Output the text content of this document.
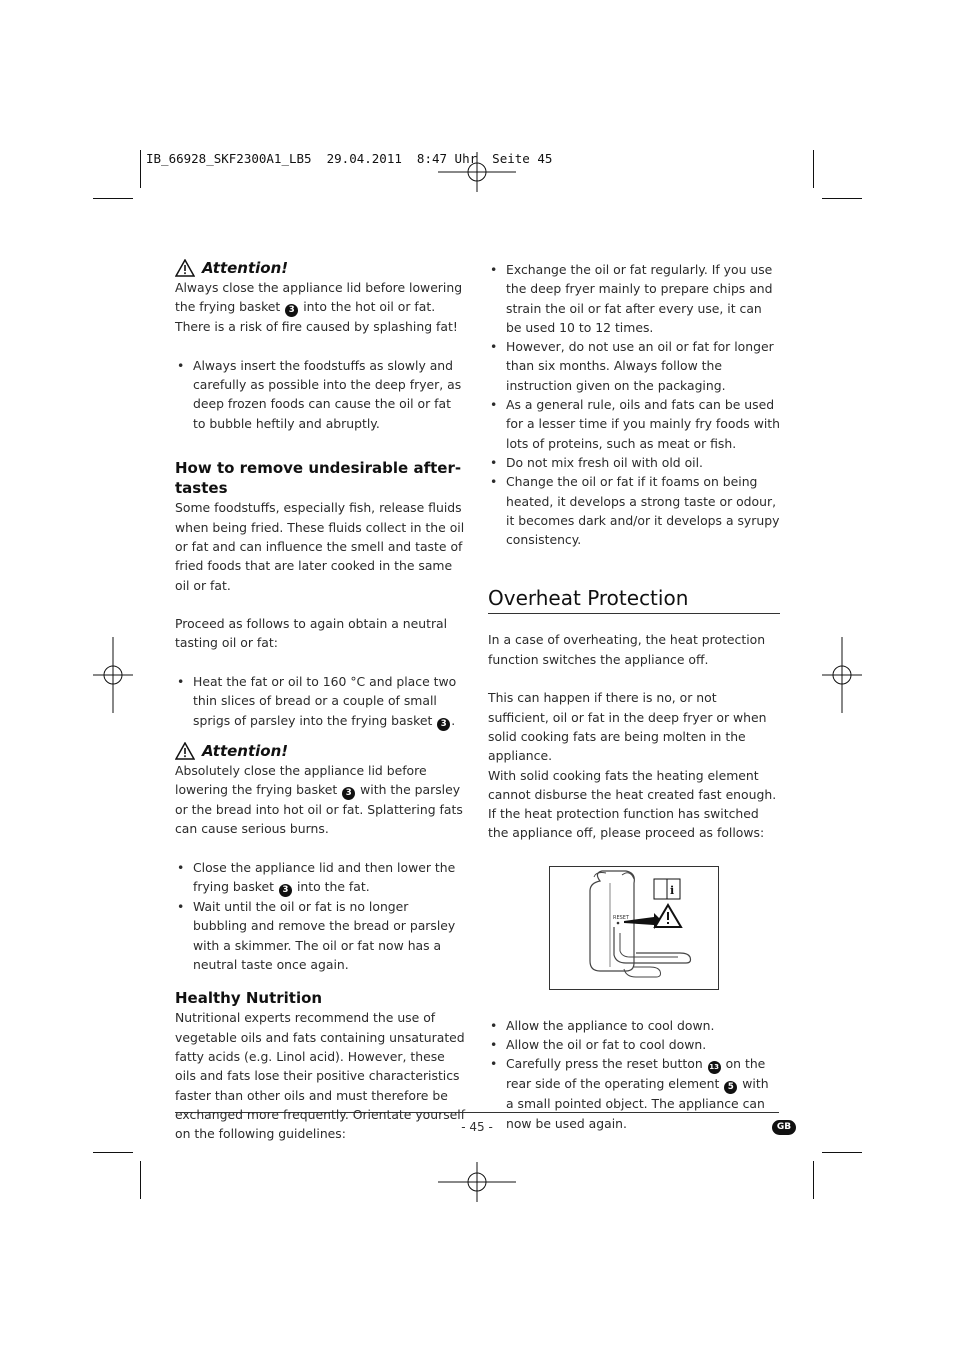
IB_66928_SKF2300A1_LB5  29.04.2011  8:47 Uhr  Seite 45
Attention!

Always close the appliance lid before lowering the frying basket 3 into the hot oil or fat. There is a risk of fire caused by splashing fat!

• Always insert the foodstuffs as slowly and carefully as possible into the deep fryer, as deep frozen foods can cause the oil or fat to bubble heftily and abruptly.
How to remove undesirable after-tastes

Some foodstuffs, especially fish, release fluids when being fried. These fluids collect in the oil or fat and can influence the smell and taste of fried foods that are later cooked in the same oil or fat.

Proceed as follows to again obtain a neutral tasting oil or fat:

• Heat the fat or oil to 160 °C and place two thin slices of bread or a couple of small sprigs of parsley into the frying basket 3 .
Attention!

Absolutely close the appliance lid before lowering the frying basket 3 with the parsley or the bread into hot oil or fat. Splattering fats can cause serious burns.

• Close the appliance lid and then lower the frying basket 3 into the fat.
• Wait until the oil or fat is no longer bubbling and remove the bread or parsley with a skimmer. The oil or fat now has a neutral taste once again.
Healthy Nutrition

Nutritional experts recommend the use of vegetable oils and fats containing unsaturated fatty acids (e.g. Linol acid). However, these oils and fats lose their positive characteristics faster than other oils and must therefore be exchanged more frequently. Orientate yourself on the following guidelines:

• Exchange the oil or fat regularly. If you use the deep fryer mainly to prepare chips and strain the oil or fat after every use, it can be used 10 to 12 times.
• However, do not use an oil or fat for longer than six months. Always follow the instruction given on the packaging.
• As a general rule, oils and fats can be used for a lesser time if you mainly fry foods with lots of proteins, such as meat or fish.
• Do not mix fresh oil with old oil.
• Change the oil or fat if it foams on being heated, it develops a strong taste or odour, it becomes dark and/or it develops a syrupy consistency.
Overheat Protection

In a case of overheating, the heat protection function switches the appliance off.

This can happen if there is no, or not sufficient, oil or fat in the deep fryer or when solid cooking fats are being molten in the appliance.

With solid cooking fats the heating element cannot disburse the heat created fast enough.

If the heat protection function has switched the appliance off, please proceed as follows:

RESET
i
• Allow the appliance to cool down.
• Allow the oil or fat to cool down.
• Carefully press the reset button 13 on the rear side of the operating element 5 with a small pointed object. The appliance can now be used again.
- 45 -	GB
